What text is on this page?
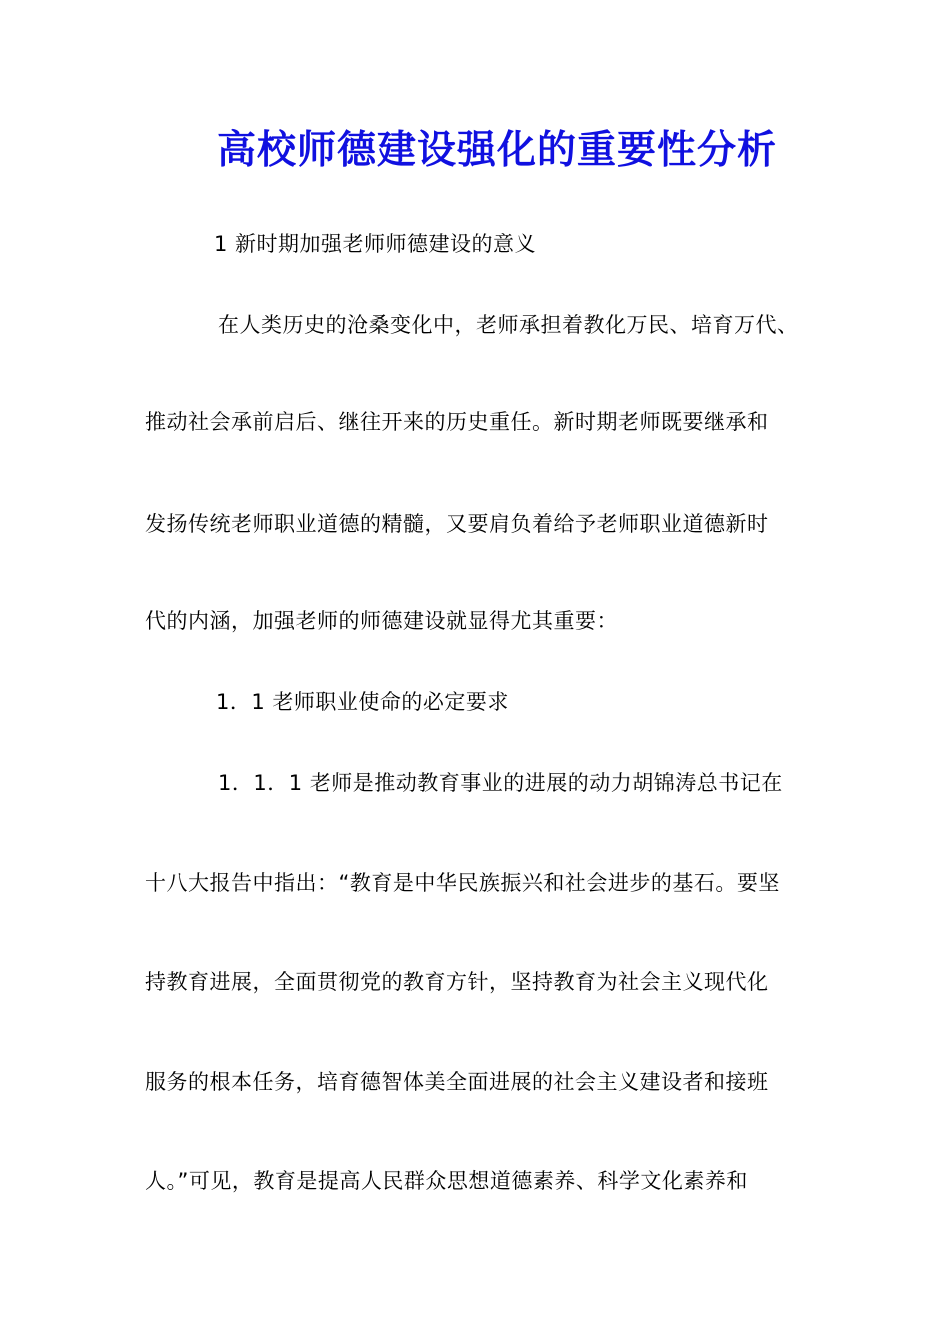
高校师德建设强化的重要性分析
1 新时期加强老师师德建设的意义
在人类历史的沧桑变化中，老师承担着教化万民、培育万代、
推动社会承前启后、继往开来的历史重任。新时期老师既要继承和
发扬传统老师职业道德的精髓，又要肩负着给予老师职业道德新时
代的内涵，加强老师的师德建设就显得尤其重要：
1．1 老师职业使命的必定要求
1．1．1 老师是推动教育事业的进展的动力胡锦涛总书记在
十八大报告中指出：“教育是中华民族振兴和社会进步的基石。要坚
持教育进展，全面贯彻党的教育方针，坚持教育为社会主义现代化
服务的根本任务，培育德智体美全面进展的社会主义建设者和接班
人。”可见，教育是提高人民群众思想道德素养、科学文化素养和
